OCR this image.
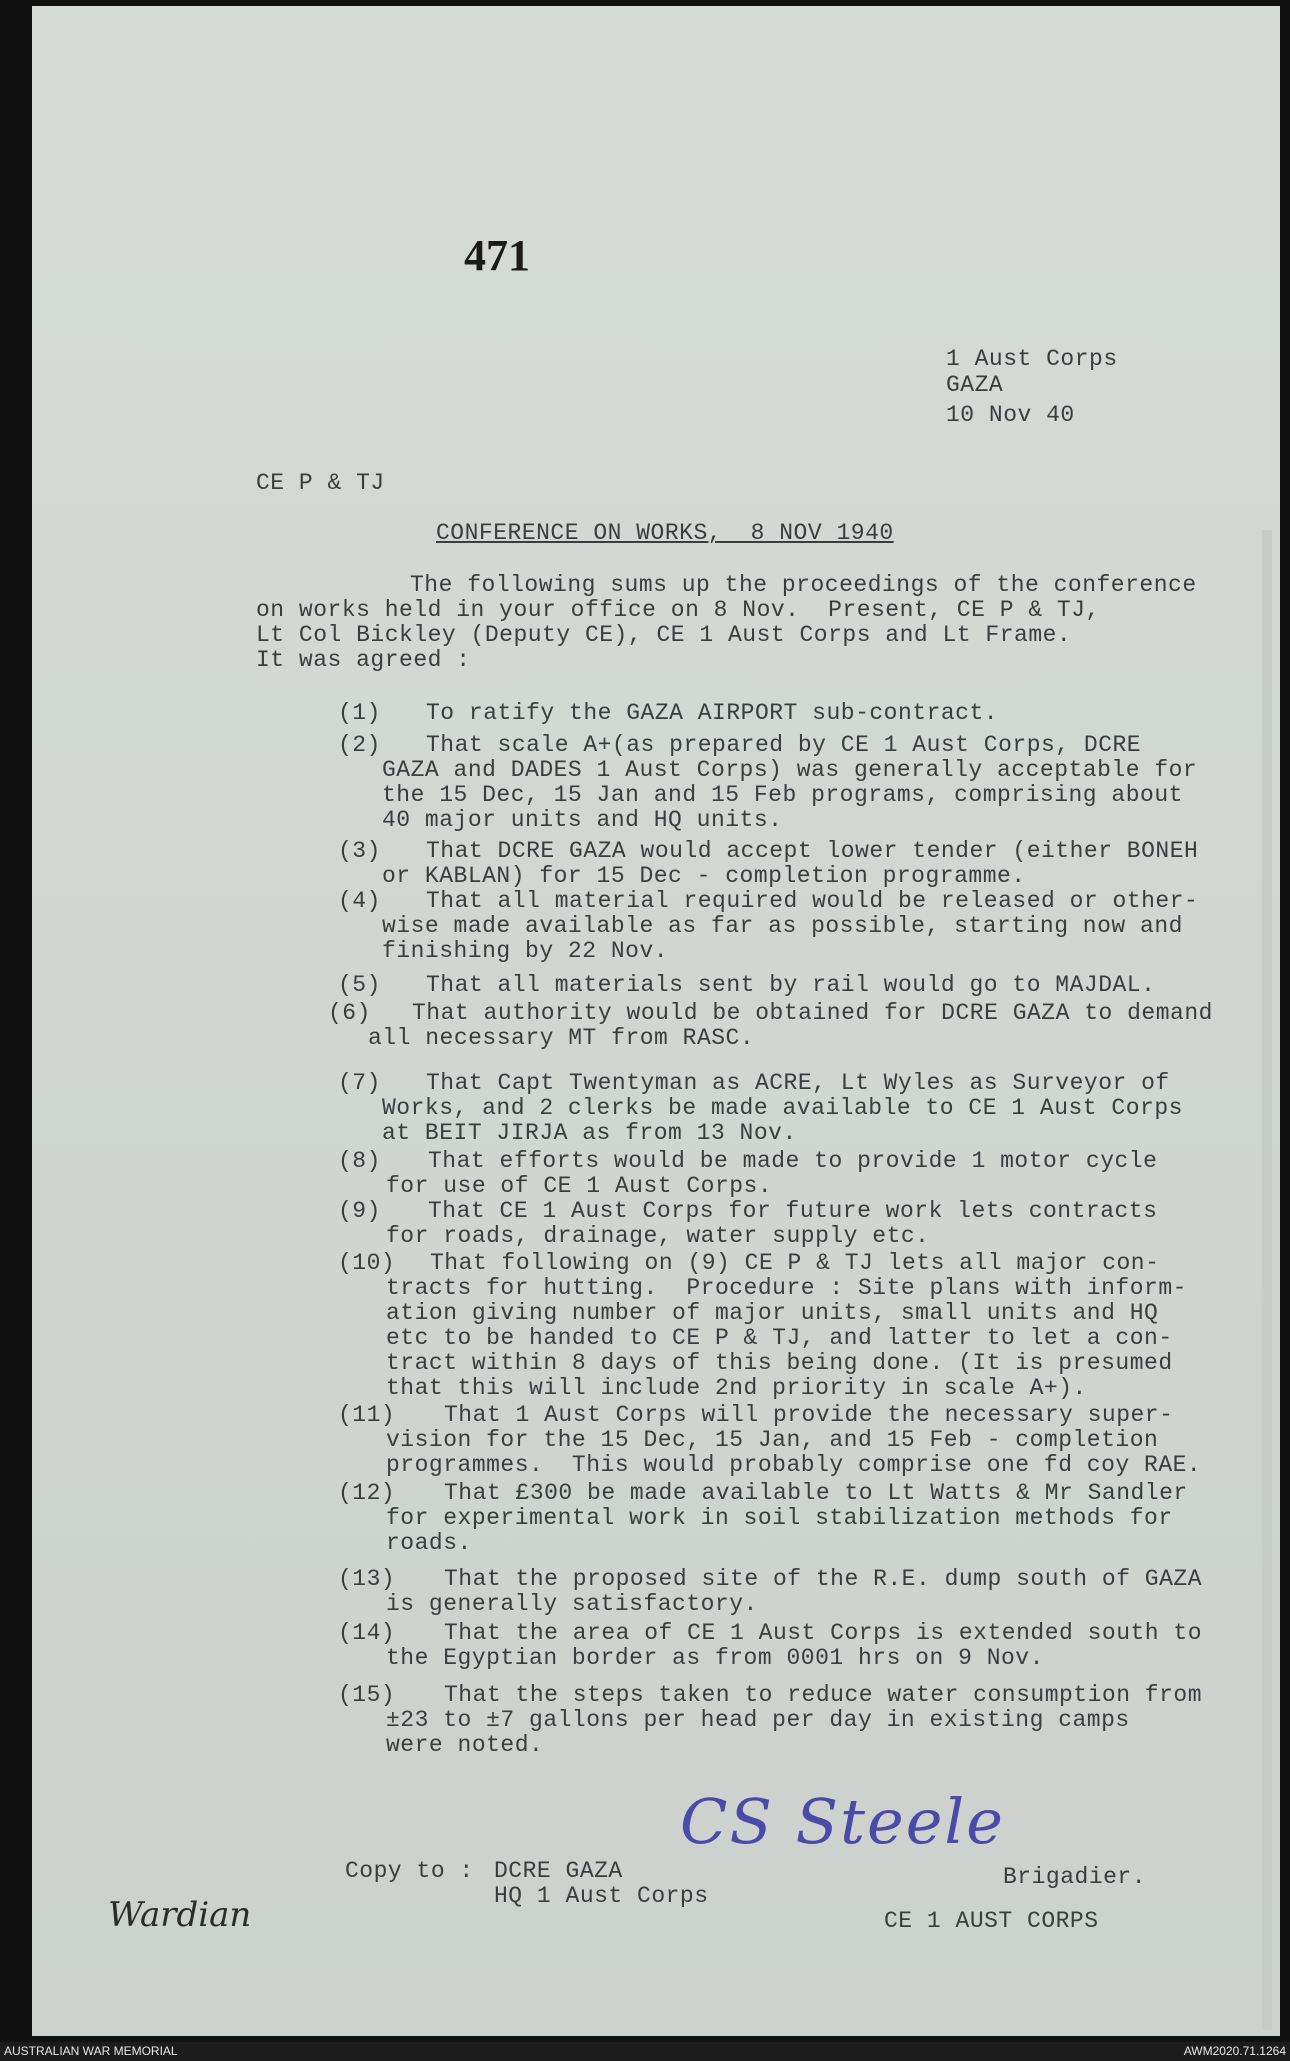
471
1 Aust Corps
GAZA
10 Nov 40
CE P & TJ
CONFERENCE ON WORKS,  8 NOV 1940
The following sums up the proceedings of the conference
on works held in your office on 8 Nov.  Present, CE P & TJ,
Lt Col Bickley (Deputy CE), CE 1 Aust Corps and Lt Frame.
It was agreed :
(1) To ratify the GAZA AIRPORT sub-contract.
(2) That scale A+(as prepared by CE 1 Aust Corps, DCRE
GAZA and DADES 1 Aust Corps) was generally acceptable for
the 15 Dec, 15 Jan and 15 Feb programs, comprising about
40 major units and HQ units.
(3) That DCRE GAZA would accept lower tender (either BONEH
or KABLAN) for 15 Dec - completion programme.
(4) That all material required would be released or other-
wise made available as far as possible, starting now and
finishing by 22 Nov.
(5) That all materials sent by rail would go to MAJDAL.
(6) That authority would be obtained for DCRE GAZA to demand
all necessary MT from RASC.
(7) That Capt Twentyman as ACRE, Lt Wyles as Surveyor of
Works, and 2 clerks be made available to CE 1 Aust Corps
at BEIT JIRJA as from 13 Nov.
(8) That efforts would be made to provide 1 motor cycle
for use of CE 1 Aust Corps.
(9) That CE 1 Aust Corps for future work lets contracts
for roads, drainage, water supply etc.
(10) That following on (9) CE P & TJ lets all major con-
tracts for hutting.  Procedure : Site plans with inform-
ation giving number of major units, small units and HQ
etc to be handed to CE P & TJ, and latter to let a con-
tract within 8 days of this being done. (It is presumed
that this will include 2nd priority in scale A+).
(11) That 1 Aust Corps will provide the necessary super-
vision for the 15 Dec, 15 Jan, and 15 Feb - completion
programmes.  This would probably comprise one fd coy RAE.
(12) That £300 be made available to Lt Watts & Mr Sandler
for experimental work in soil stabilization methods for
roads.
(13) That the proposed site of the R.E. dump south of GAZA
is generally satisfactory.
(14) That the area of CE 1 Aust Corps is extended south to
the Egyptian border as from 0001 hrs on 9 Nov.
(15) That the steps taken to reduce water consumption from
±23 to ±7 gallons per head per day in existing camps
were noted.
CS Steele
Copy to : DCRE GAZA
HQ 1 Aust Corps
Brigadier.
CE 1 AUST CORPS
Wardian
AUSTRALIAN WAR MEMORIAL	AWM2020.71.1264
